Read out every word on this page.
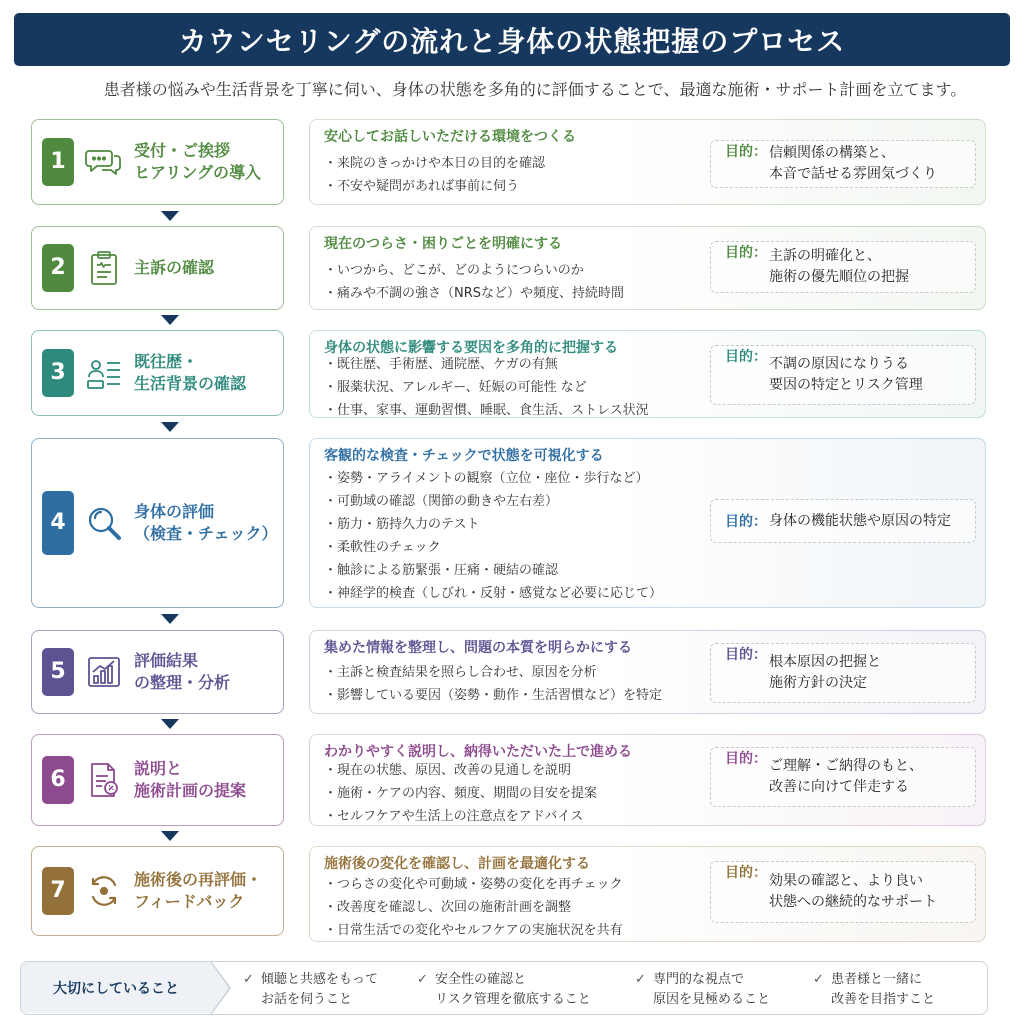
カウンセリングの流れと身体の状態把握のプロセス
患者様の悩みや生活背景を丁寧に伺い、身体の状態を多角的に評価することで、最適な施術・サポート計画を立てます。
1	受付・ご挨拶
ヒアリングの導入
安心してお話しいただける環境をつくる
・ 来院のきっかけや本日の目的を確認
・ 不安や疑問があれば事前に伺う
目的： 信頼関係の構築と、
本音で話せる雰囲気づくり
2	主訴の確認
現在のつらさ・困りごとを明確にする
・ いつから、どこが、どのようにつらいのか
・ 痛みや不調の強さ（NRSなど）や頻度、持続時間
目的： 主訴の明確化と、
施術の優先順位の把握
3	既往歴・
生活背景の確認
身体の状態に影響する要因を多角的に把握する
・ 既往歴、手術歴、通院歴、ケガの有無
・ 服薬状況、アレルギー、妊娠の可能性 など
・ 仕事、家事、運動習慣、睡眠、食生活、ストレス状況
目的： 不調の原因になりうる
要因の特定とリスク管理
4	身体の評価
（検査・チェック）
客観的な検査・チェックで状態を可視化する
・ 姿勢・アライメントの観察（立位・座位・歩行など）
・ 可動域の確認（関節の動きや左右差）
・ 筋力・筋持久力のテスト
・ 柔軟性のチェック
・ 触診による筋緊張・圧痛・硬結の確認
・ 神経学的検査（しびれ・反射・感覚など必要に応じて）
目的： 身体の機能状態や原因の特定
5	評価結果
の整理・分析
集めた情報を整理し、問題の本質を明らかにする
・ 主訴と検査結果を照らし合わせ、原因を分析
・ 影響している要因（姿勢・動作・生活習慣など）を特定
目的： 根本原因の把握と
施術方針の決定
6	説明と
施術計画の提案
わかりやすく説明し、納得いただいた上で進める
・ 現在の状態、原因、改善の見通しを説明
・ 施術・ケアの内容、頻度、期間の目安を提案
・ セルフケアや生活上の注意点をアドバイス
目的： ご理解・ご納得のもと、
改善に向けて伴走する
7	施術後の再評価・
フィードバック
施術後の変化を確認し、計画を最適化する
・ つらさの変化や可動域・姿勢の変化を再チェック
・ 改善度を確認し、次回の施術計画を調整
・ 日常生活での変化やセルフケアの実施状況を共有
目的： 効果の確認と、より良い
状態への継続的なサポート
大切にしていること
✓ 傾聴と共感をもって
お話を伺うこと
✓ 安全性の確認と
リスク管理を徹底すること
✓ 専門的な視点で
原因を見極めること
✓ 患者様と一緒に
改善を目指すこと
